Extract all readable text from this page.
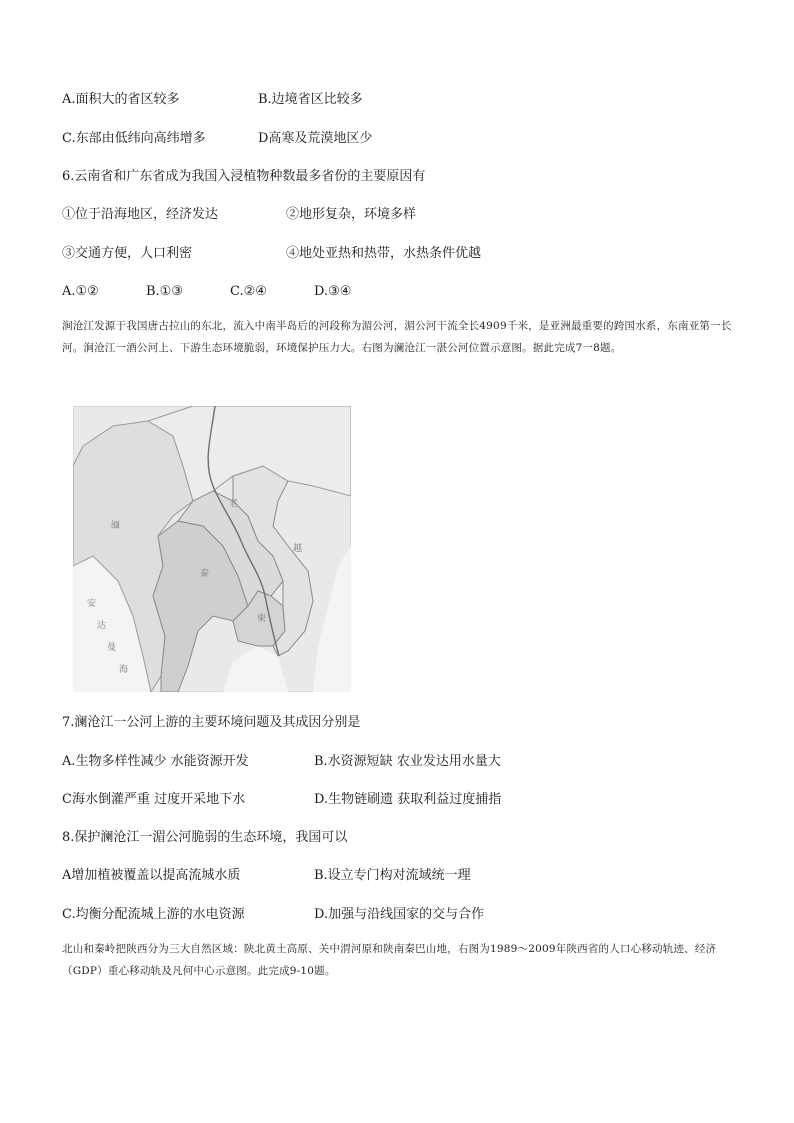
A.面积大的省区较多	B.边境省区比较多
C.东部由低纬向高纬增多	D高寒及荒漠地区少
6.云南省和广东省成为我国入浸植物种数最多省份的主要原因有
①位于沿海地区，经济发达	②地形复杂，环境多样
③交通方便，人口利密	④地处亚热和热带，水热条件优越
A.①②	B.①③	C.②④	D.③④
涧沧江发源于我国唐古拉山的东北，流入中南半岛后的河段称为湄公河，湄公河干流全长4909千米，是亚洲最重要的跨国水系，东南亚第一长河。涧沧江一酒公河上、下游生态环境脆弱，环境保护压力大。右图为澜沧江一湛公河位置示意图。据此完成7一8题。
缅
老
泰
越
柬
安
达
曼
海
7.澜沧江一公河上游的主要环境问题及其成因分别是
A.生物多样性减少 水能资源开发	B.水资源短缺 农业发达用水量大
C海水倒灌严重 过度开采地下水	D.生物链刷遗 获取利益过度捕指
8.保护澜沧江一湄公河脆弱的生态环境，我国可以
A增加植被覆盖以提高流城水质	B.设立专门构对流域统一理
C.均衡分配流城上游的水电资源	D.加强与沿线国家的交与合作
北山和秦岭把陕西分为三大自然区域：陕北黄土高原、关中渭河原和陕南秦巴山地，右图为1989～2009年陕西省的人口心移动轨迹、经济（GDP）重心移动轨及凡何中心示意图。此完成9-10题。
